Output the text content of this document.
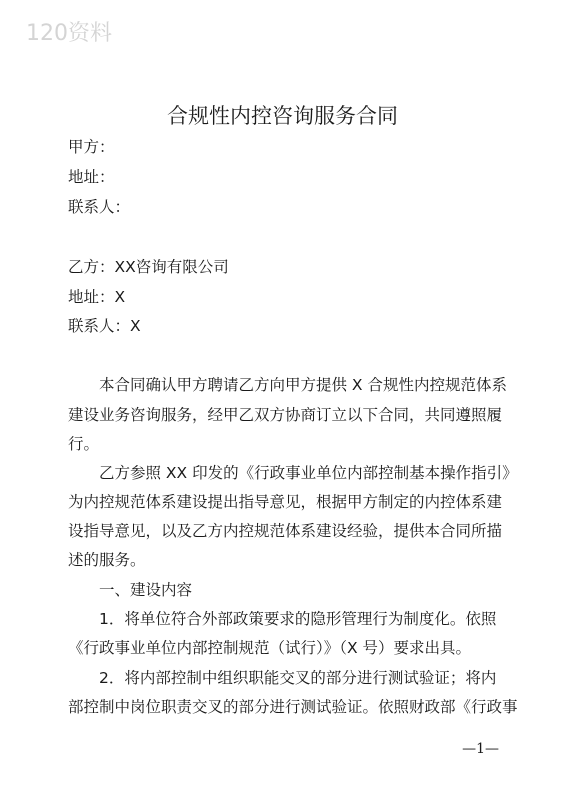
120资料
合规性内控咨询服务合同
甲方：
地址：
联系人：
乙方：XX咨询有限公司
地址：X
联系人：X
本合同确认甲方聘请乙方向甲方提供 X 合规性内控规范体系
建设业务咨询服务，经甲乙双方协商订立以下合同，共同遵照履
行。
乙方参照 XX 印发的《行政事业单位内部控制基本操作指引》
为内控规范体系建设提出指导意见，根据甲方制定的内控体系建
设指导意见，以及乙方内控规范体系建设经验，提供本合同所描
述的服务。
一、建设内容
1．将单位符合外部政策要求的隐形管理行为制度化。依照
《行政事业单位内部控制规范（试行）》（X 号）要求出具。
2．将内部控制中组织职能交叉的部分进行测试验证；将内
部控制中岗位职责交叉的部分进行测试验证。依照财政部《行政事
—1—
